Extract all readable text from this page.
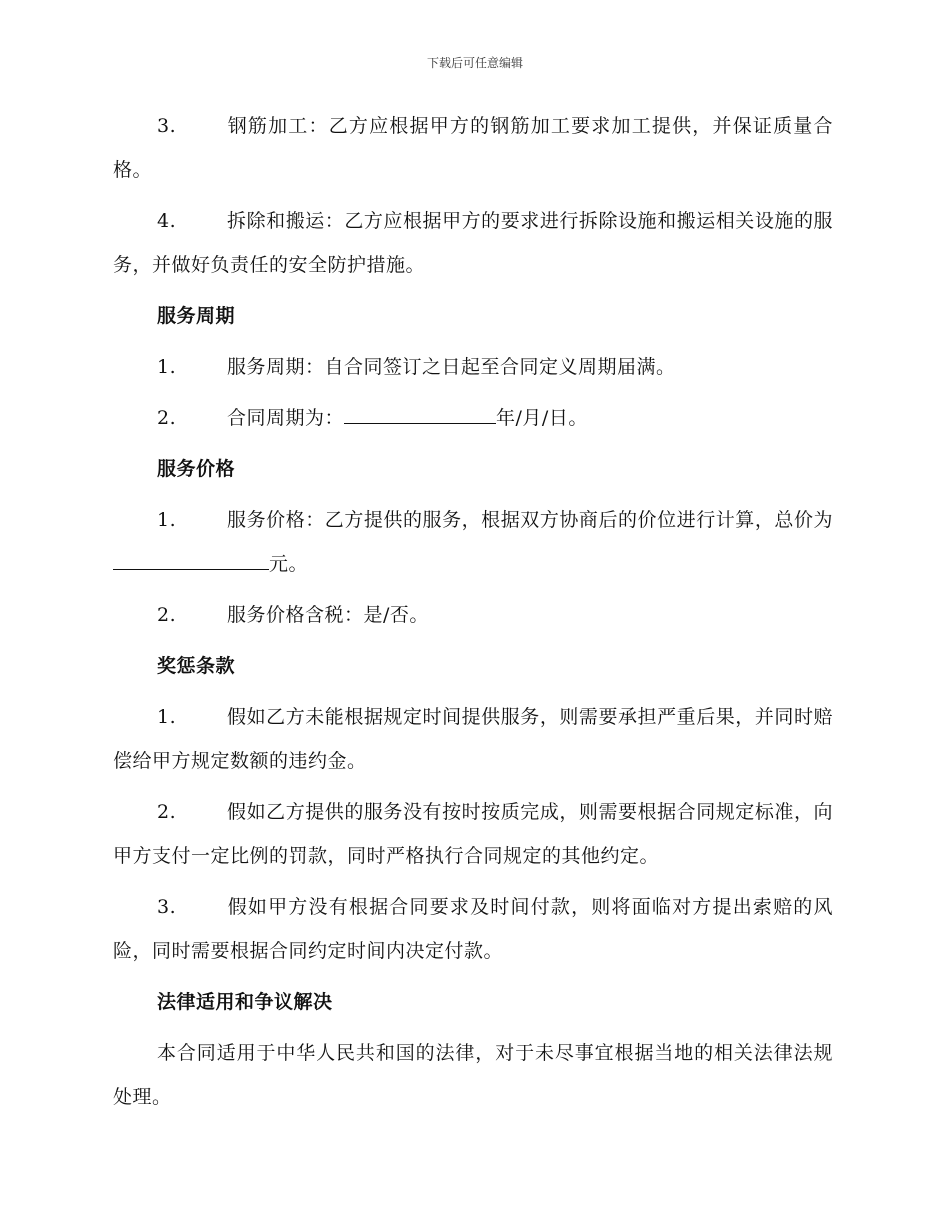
下载后可任意编辑

3.	钢筋加工：乙方应根据甲方的钢筋加工要求加工提供，并保证质量合格。

4.	拆除和搬运：乙方应根据甲方的要求进行拆除设施和搬运相关设施的服务，并做好负责任的安全防护措施。

服务周期

1.	服务周期：自合同签订之日起至合同定义周期届满。

2.	合同周期为：	年/月/日。

服务价格

1.	服务价格：乙方提供的服务，根据双方协商后的价位进行计算，总价为元。

2.	服务价格含税：是/否。

奖惩条款

1.	假如乙方未能根据规定时间提供服务，则需要承担严重后果，并同时赔偿给甲方规定数额的违约金。

2.	假如乙方提供的服务没有按时按质完成，则需要根据合同规定标准，向甲方支付一定比例的罚款，同时严格执行合同规定的其他约定。

3.	假如甲方没有根据合同要求及时间付款，则将面临对方提出索赔的风险，同时需要根据合同约定时间内决定付款。

法律适用和争议解决

本合同适用于中华人民共和国的法律，对于未尽事宜根据当地的相关法律法规处理。
